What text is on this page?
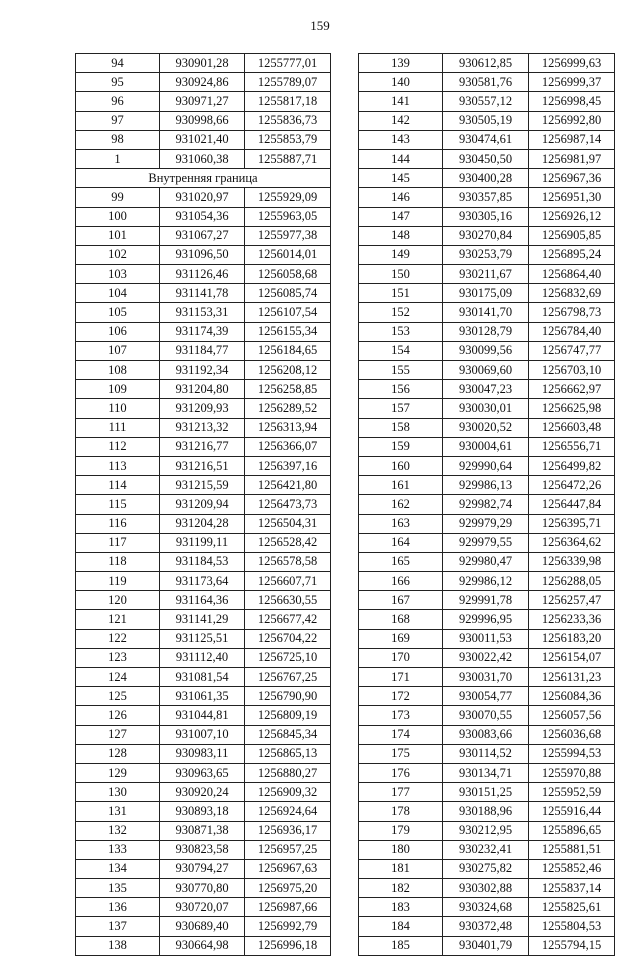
159
94	930901,28	1255777,01
95	930924,86	1255789,07
96	930971,27	1255817,18
97	930998,66	1255836,73
98	931021,40	1255853,79
1	931060,38	1255887,71
Внутренняя граница		
99	931020,97	1255929,09
100	931054,36	1255963,05
101	931067,27	1255977,38
102	931096,50	1256014,01
103	931126,46	1256058,68
104	931141,78	1256085,74
105	931153,31	1256107,54
106	931174,39	1256155,34
107	931184,77	1256184,65
108	931192,34	1256208,12
109	931204,80	1256258,85
110	931209,93	1256289,52
111	931213,32	1256313,94
112	931216,77	1256366,07
113	931216,51	1256397,16
114	931215,59	1256421,80
115	931209,94	1256473,73
116	931204,28	1256504,31
117	931199,11	1256528,42
118	931184,53	1256578,58
119	931173,64	1256607,71
120	931164,36	1256630,55
121	931141,29	1256677,42
122	931125,51	1256704,22
123	931112,40	1256725,10
124	931081,54	1256767,25
125	931061,35	1256790,90
126	931044,81	1256809,19
127	931007,10	1256845,34
128	930983,11	1256865,13
129	930963,65	1256880,27
130	930920,24	1256909,32
131	930893,18	1256924,64
132	930871,38	1256936,17
133	930823,58	1256957,25
134	930794,27	1256967,63
135	930770,80	1256975,20
136	930720,07	1256987,66
137	930689,40	1256992,79
138	930664,98	1256996,18
139	930612,85	1256999,63
140	930581,76	1256999,37
141	930557,12	1256998,45
142	930505,19	1256992,80
143	930474,61	1256987,14
144	930450,50	1256981,97
145	930400,28	1256967,36
146	930357,85	1256951,30
147	930305,16	1256926,12
148	930270,84	1256905,85
149	930253,79	1256895,24
150	930211,67	1256864,40
151	930175,09	1256832,69
152	930141,70	1256798,73
153	930128,79	1256784,40
154	930099,56	1256747,77
155	930069,60	1256703,10
156	930047,23	1256662,97
157	930030,01	1256625,98
158	930020,52	1256603,48
159	930004,61	1256556,71
160	929990,64	1256499,82
161	929986,13	1256472,26
162	929982,74	1256447,84
163	929979,29	1256395,71
164	929979,55	1256364,62
165	929980,47	1256339,98
166	929986,12	1256288,05
167	929991,78	1256257,47
168	929996,95	1256233,36
169	930011,53	1256183,20
170	930022,42	1256154,07
171	930031,70	1256131,23
172	930054,77	1256084,36
173	930070,55	1256057,56
174	930083,66	1256036,68
175	930114,52	1255994,53
176	930134,71	1255970,88
177	930151,25	1255952,59
178	930188,96	1255916,44
179	930212,95	1255896,65
180	930232,41	1255881,51
181	930275,82	1255852,46
182	930302,88	1255837,14
183	930324,68	1255825,61
184	930372,48	1255804,53
185	930401,79	1255794,15
